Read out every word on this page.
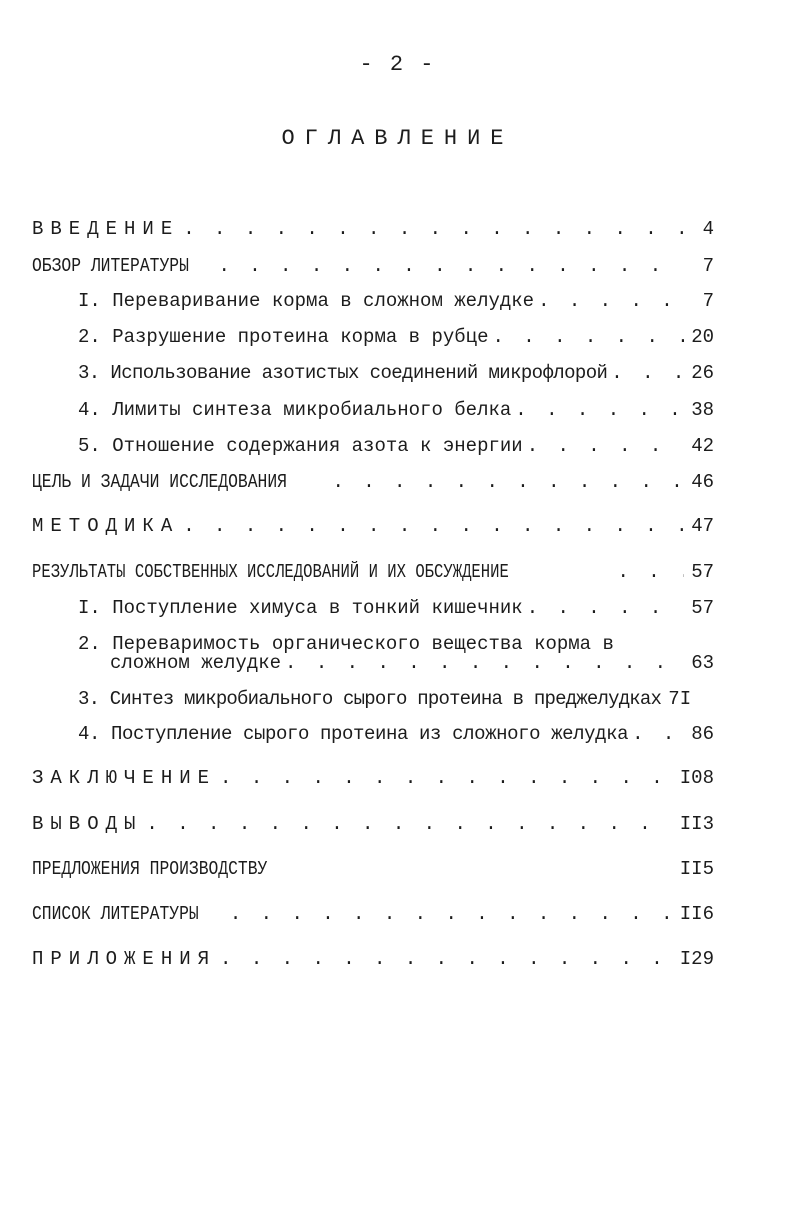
- 2 -
ОГЛАВЛЕНИЕ
ВВЕДЕНИЕ . . .	4
ОБЗОР ЛИТЕРАТУРЫ . . .	7
I. Переваривание корма в сложном желудке . . .	7
2. Разрушение протеина корма в рубце . . .	20
3. Использование азотистых соединений микрофлорой . . .	26
4. Лимиты синтеза микробиального белка . . .	38
5. Отношение содержания азота к энергии . . .	42
ЦЕЛЬ И ЗАДАЧИ ИССЛЕДОВАНИЯ . . .	46
МЕТОДИКА . . .	47
РЕЗУЛЬТАТЫ СОБСТВЕННЫХ ИССЛЕДОВАНИЙ И ИХ ОБСУЖДЕНИЕ . . .	57
I. Поступление химуса в тонкий кишечник . . .	57
2. Переваримость органического вещества корма в
сложном желудке . . .	63
3. Синтез микробиального сырого протеина в преджелудках 7I
4. Поступление сырого протеина из сложного желудка . . .	86
ЗАКЛЮЧЕНИЕ . . .	I08
ВЫВОДЫ . . .	II3
ПРЕДЛОЖЕНИЯ ПРОИЗВОДСТВУ	II5
СПИСОК ЛИТЕРАТУРЫ . . .	II6
ПРИЛОЖЕНИЯ . . .	I29
